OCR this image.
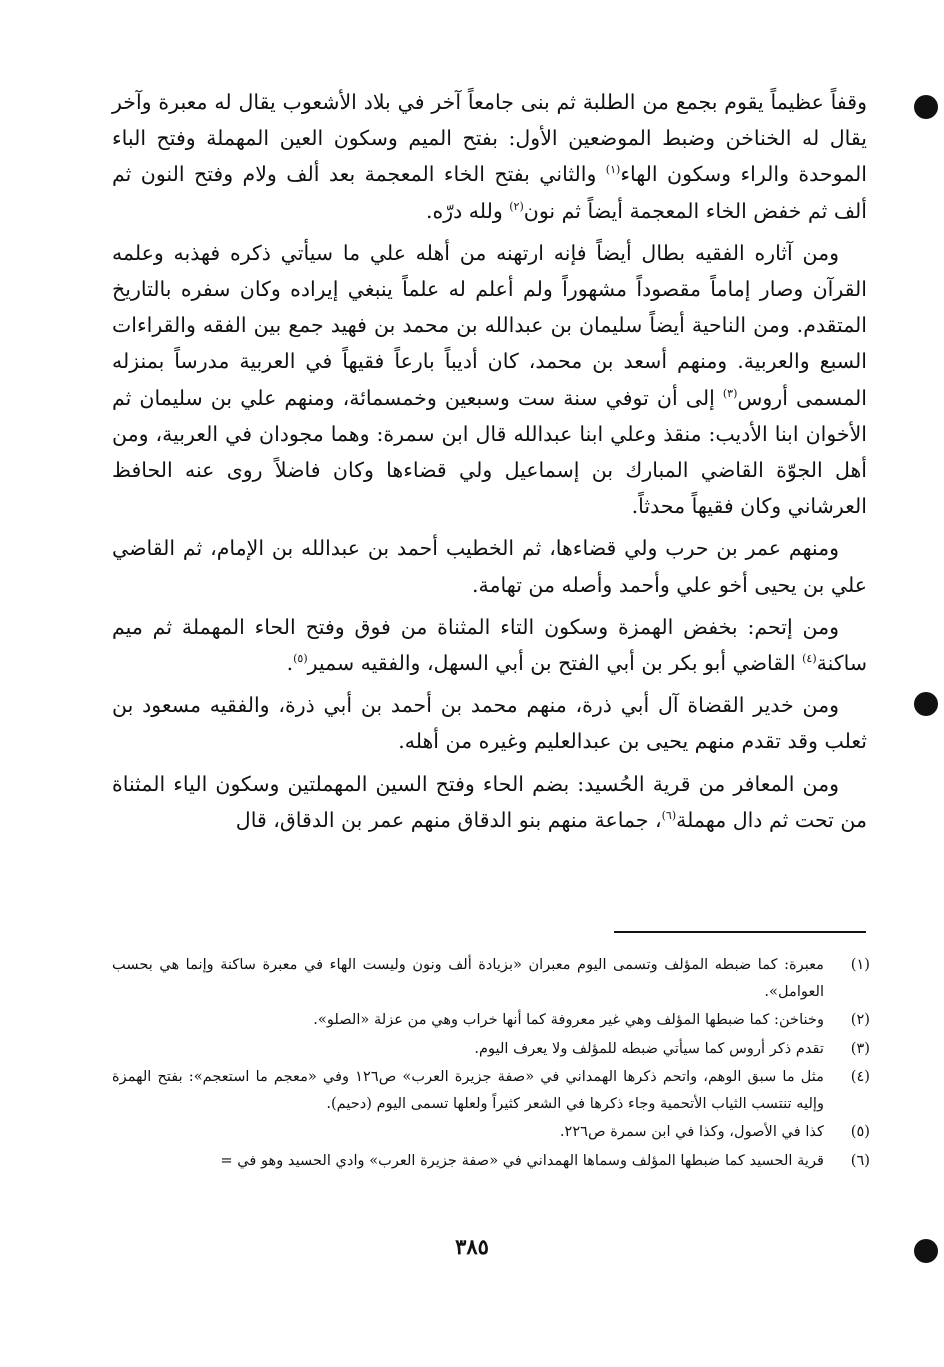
وقفاً عظيماً يقوم بجمع من الطلبة ثم بنى جامعاً آخر في بلاد الأشعوب يقال له معبرة وآخر يقال له الخناخن وضبط الموضعين الأول: بفتح الميم وسكون العين المهملة وفتح الباء الموحدة والراء وسكون الهاء$^{(١)}$ والثاني بفتح الخاء المعجمة بعد ألف ولام وفتح النون ثم ألف ثم خفض الخاء المعجمة أيضاً ثم نون$^{(٢)}$ ولله درّه.

ومن آثاره الفقيه بطال أيضاً فإنه ارتهنه من أهله علي ما سيأتي ذكره فهذبه وعلمه القرآن وصار إماماً مقصوداً مشهوراً ولم أعلم له علماً ينبغي إيراده وكان سفره بالتاريخ المتقدم. ومن الناحية أيضاً سليمان بن عبدالله بن محمد بن فهيد جمع بين الفقه والقراءات السبع والعربية. ومنهم أسعد بن محمد، كان أديباً بارعاً فقيهاً في العربية مدرساً بمنزله المسمى أروس$^{(٣)}$ إلى أن توفي سنة ست وسبعين وخمسمائة، ومنهم علي بن سليمان ثم الأخوان ابنا الأديب: منقذ وعلي ابنا عبدالله قال ابن سمرة: وهما مجودان في العربية، ومن أهل الجوّة القاضي المبارك بن إسماعيل ولي قضاءها وكان فاضلاً روى عنه الحافظ العرشاني وكان فقيهاً محدثاً.

ومنهم عمر بن حرب ولي قضاءها، ثم الخطيب أحمد بن عبدالله بن الإمام، ثم القاضي علي بن يحيى أخو علي وأحمد وأصله من تهامة.

ومن إتحم: بخفض الهمزة وسكون التاء المثناة من فوق وفتح الحاء المهملة ثم ميم ساكنة$^{(٤)}$ القاضي أبو بكر بن أبي الفتح بن أبي السهل، والفقيه سمير$^{(٥)}$.

ومن خدير القضاة آل أبي ذرة، منهم محمد بن أحمد بن أبي ذرة، والفقيه مسعود بن ثعلب وقد تقدم منهم يحيى بن عبدالعليم وغيره من أهله.

ومن المعافر من قرية الحُسيد: بضم الحاء وفتح السين المهملتين وسكون الياء المثناة من تحت ثم دال مهملة$^{(٦)}$، جماعة منهم بنو الدقاق منهم عمر بن الدقاق، قال

(١)
معبرة: كما ضبطه المؤلف وتسمى اليوم معبران «بزيادة ألف ونون وليست الهاء في معبرة ساكنة وإنما هي بحسب العوامل».
(٢)
وخناخن: كما ضبطها المؤلف وهي غير معروفة كما أنها خراب وهي من عزلة «الصلو».
(٣)
تقدم ذكر أروس كما سيأتي ضبطه للمؤلف ولا يعرف اليوم.
(٤)
مثل ما سبق الوهم، واتحم ذكرها الهمداني في «صفة جزيرة العرب» ص١٢٦ وفي «معجم ما استعجم»: بفتح الهمزة وإليه تنتسب الثياب الأتحمية وجاء ذكرها في الشعر كثيراً ولعلها تسمى اليوم (دحيم).
(٥)
كذا في الأصول، وكذا في ابن سمرة ص٢٢٦.
(٦)
قرية الحسيد كما ضبطها المؤلف وسماها الهمداني في «صفة جزيرة العرب» وادي الحسيد وهو في =
٣٨٥
